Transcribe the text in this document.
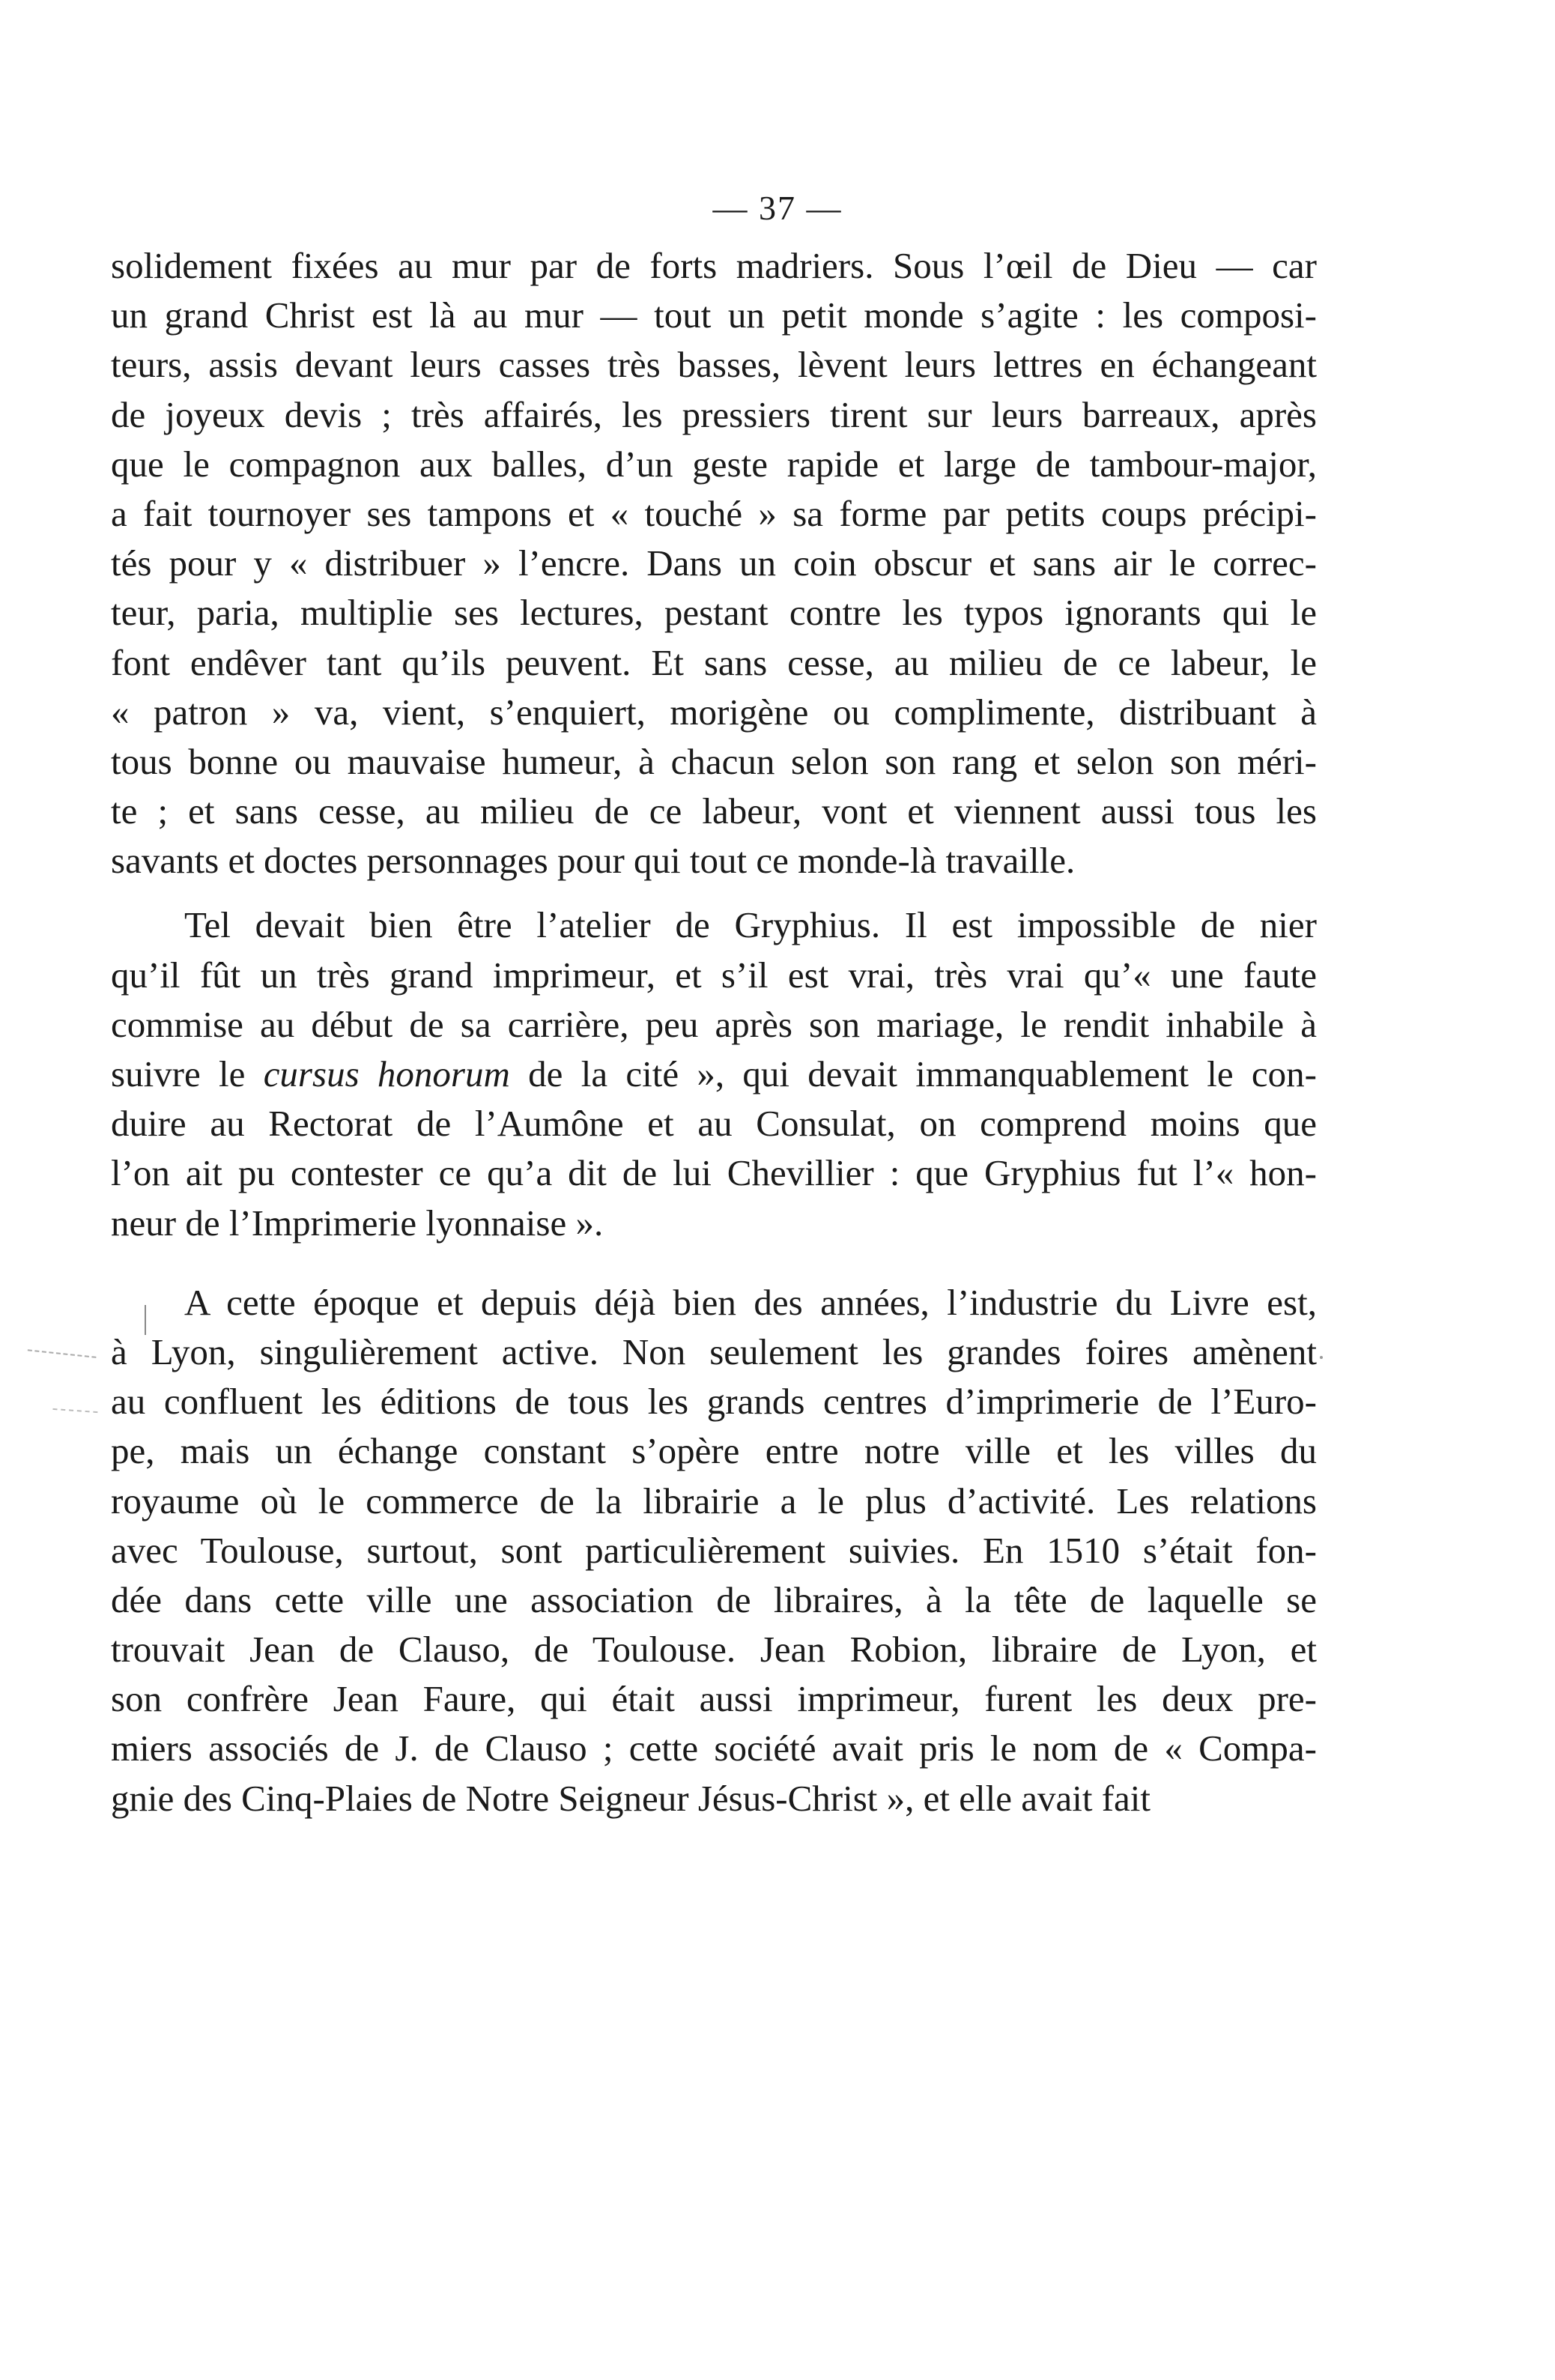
— 37 —
solidement fixées au mur par de forts madriers. Sous l’œil de Dieu — car
un grand Christ est là au mur — tout un petit monde s’agite : les composi-
teurs, assis devant leurs casses très basses, lèvent leurs lettres en échangeant
de joyeux devis ; très affairés, les pressiers tirent sur leurs barreaux, après
que le compagnon aux balles, d’un geste rapide et large de tambour-major,
a fait tournoyer ses tampons et « touché » sa forme par petits coups précipi-
tés pour y « distribuer » l’encre. Dans un coin obscur et sans air le correc-
teur, paria, multiplie ses lectures, pestant contre les typos ignorants qui le
font endêver tant qu’ils peuvent. Et sans cesse, au milieu de ce labeur, le
« patron » va, vient, s’enquiert, morigène ou complimente, distribuant à
tous bonne ou mauvaise humeur, à chacun selon son rang et selon son méri-
te ; et sans cesse, au milieu de ce labeur, vont et viennent aussi tous les
savants et doctes personnages pour qui tout ce monde-là travaille.
Tel devait bien être l’atelier de Gryphius. Il est impossible de nier
qu’il fût un très grand imprimeur, et s’il est vrai, très vrai qu’« une faute
commise au début de sa carrière, peu après son mariage, le rendit inhabile à
suivre le cursus honorum de la cité », qui devait immanquablement le con-
duire au Rectorat de l’Aumône et au Consulat, on comprend moins que
l’on ait pu contester ce qu’a dit de lui Chevillier : que Gryphius fut l’« hon-
neur de l’Imprimerie lyonnaise ».
A cette époque et depuis déjà bien des années, l’industrie du Livre est,
à Lyon, singulièrement active. Non seulement les grandes foires amènent
au confluent les éditions de tous les grands centres d’imprimerie de l’Euro-
pe, mais un échange constant s’opère entre notre ville et les villes du
royaume où le commerce de la librairie a le plus d’activité. Les relations
avec Toulouse, surtout, sont particulièrement suivies. En 1510 s’était fon-
dée dans cette ville une association de libraires, à la tête de laquelle se
trouvait Jean de Clauso, de Toulouse. Jean Robion, libraire de Lyon, et
son confrère Jean Faure, qui était aussi imprimeur, furent les deux pre-
miers associés de J. de Clauso ; cette société avait pris le nom de « Compa-
gnie des Cinq-Plaies de Notre Seigneur Jésus-Christ », et elle avait fait
